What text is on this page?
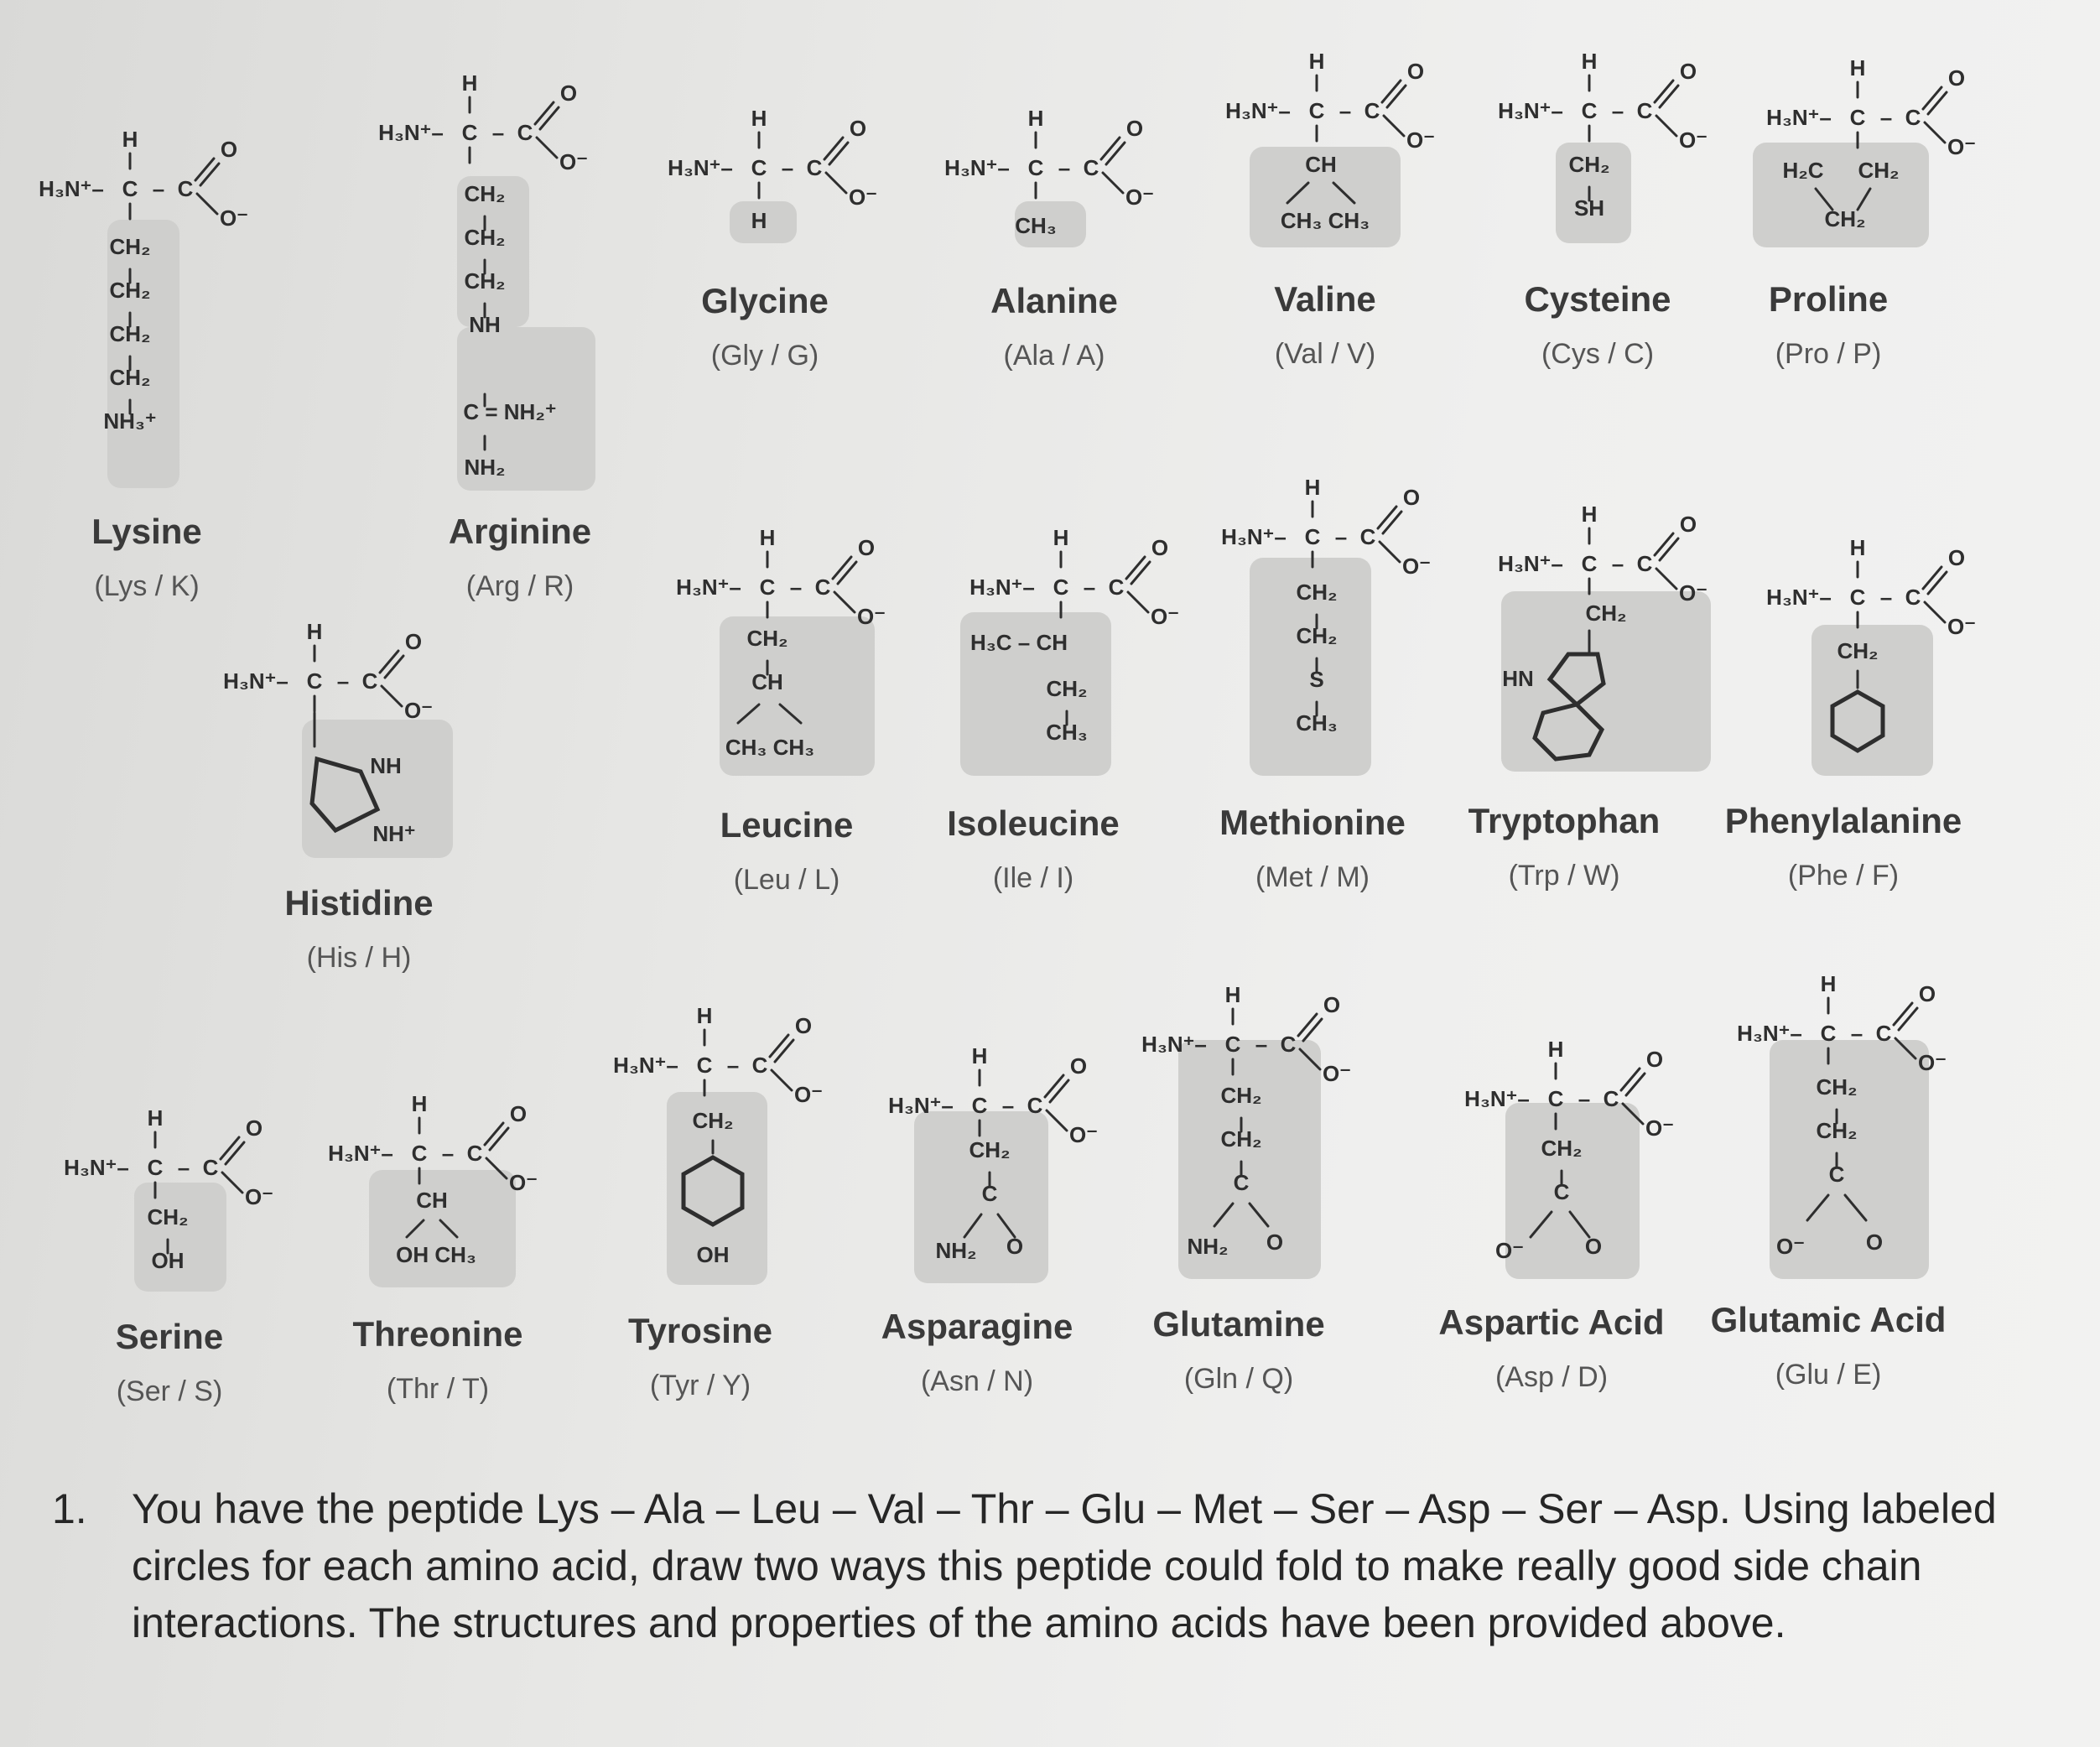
H
H₃N⁺– C – C
O
O⁻
CH₂
CH₂
CH₂
CH₂
NH₃⁺
H
H₃N⁺– C – C
O
O⁻
CH₂
CH₂
CH₂
NH
C = NH₂⁺
NH₂
H
H₃N⁺– C – C
O
O⁻
H
H
H₃N⁺– C – C
O
O⁻
CH₃
H
H₃N⁺– C – C
O
O⁻
CH
CH₃ CH₃
H
H₃N⁺– C – C
O
O⁻
CH₂
SH
H
H₃N⁺– C – C
O
O⁻
H₂C CH₂
CH₂
H
H₃N⁺– C – C
O
O⁻
NH
NH⁺
H
H₃N⁺– C – C
O
O⁻
CH₂
CH
CH₃ CH₃
H
H₃N⁺– C – C
O
O⁻
H₃C – CH
CH₂
CH₃
H
H₃N⁺– C – C
O
O⁻
CH₂
CH₂
S
CH₃
H
H₃N⁺– C – C
O
O⁻
CH₂
HN
H
H₃N⁺– C – C
O
O⁻
CH₂
H
H₃N⁺– C – C
O
O⁻
CH₂
OH
H
H₃N⁺– C – C
O
O⁻
CH
OH CH₃
H
H₃N⁺– C – C
O
O⁻
CH₂
OH
H
H₃N⁺– C – C
O
O⁻
CH₂
C
NH₂ O
H
H₃N⁺– C – C
O
O⁻
CH₂
CH₂
C
NH₂ O
H
H₃N⁺– C – C
O
O⁻
CH₂
C
O⁻	O
H
H₃N⁺– C – C
O
O⁻
CH₂
CH₂
C
O⁻	O
Lysine
(Lys / K)
Arginine
(Arg / R)
Glycine
(Gly / G)
Alanine
(Ala / A)
Valine
(Val / V)
Cysteine
(Cys / C)
Proline
(Pro / P)
Histidine
(His / H)
Leucine
(Leu / L)
Isoleucine
(Ile / I)
Methionine
(Met / M)
Tryptophan
(Trp / W)
Phenylalanine
(Phe / F)
Serine
(Ser / S)
Threonine
(Thr / T)
Tyrosine
(Tyr / Y)
Asparagine
(Asn / N)
Glutamine
(Gln / Q)
Aspartic Acid
(Asp / D)
Glutamic Acid
(Glu / E)
1. You have the peptide Lys – Ala – Leu – Val – Thr – Glu – Met – Ser – Asp – Ser – Asp. Using labeled circles for each amino acid, draw two ways this peptide could fold to make really good side chain interactions. The structures and properties of the amino acids have been provided above.
